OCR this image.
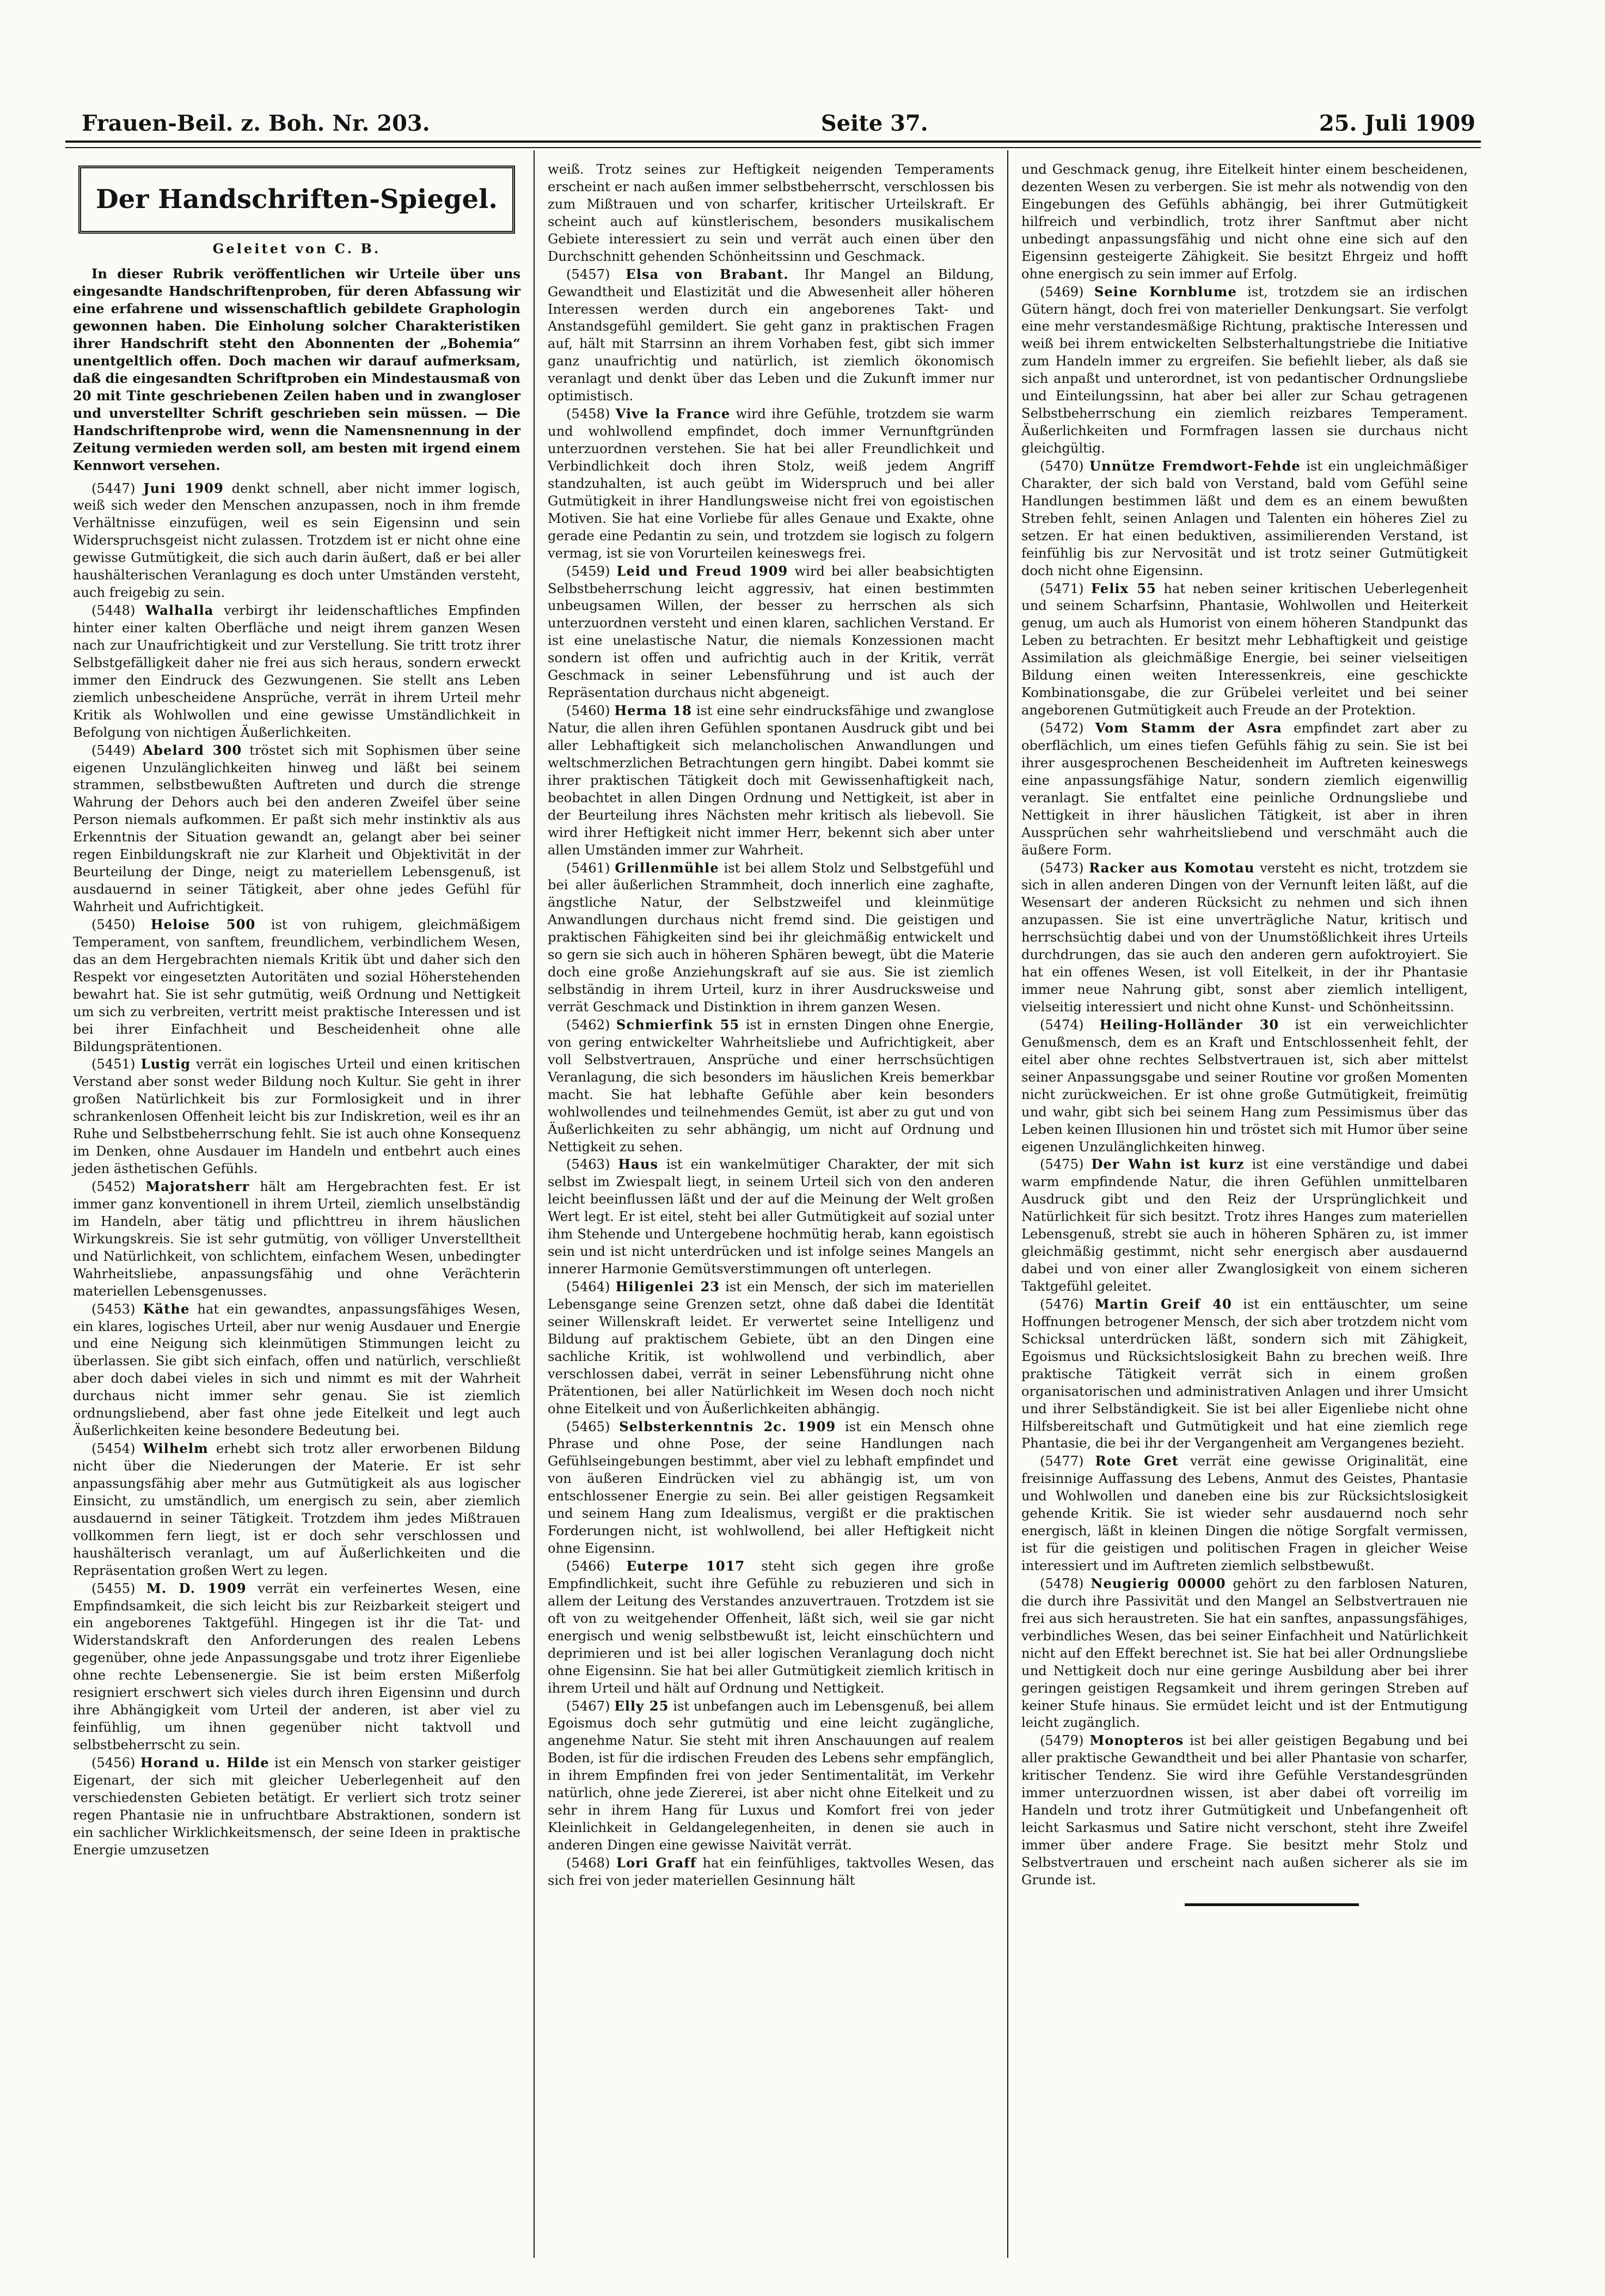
Frauen-Beil. z. Boh. Nr. 203.	Seite 37.	25. Juli 1909
Der Handschriften-Spiegel.
Geleitet von C. B.

In dieser Rubrik veröffentlichen wir Urteile über uns eingesandte Handschriftenproben, für deren Abfassung wir eine erfahrene und wissenschaftlich gebildete Graphologin gewonnen haben. Die Einholung solcher Charakteristiken ihrer Handschrift steht den Abonnenten der „Bohemia“ unentgeltlich offen. Doch machen wir darauf aufmerksam, daß die eingesandten Schriftproben ein Mindestausmaß von 20 mit Tinte geschriebenen Zeilen haben und in zwangloser und unverstellter Schrift geschrieben sein müssen. — Die Handschriftenprobe wird, wenn die Namensnennung in der Zeitung vermieden werden soll, am besten mit irgend einem Kennwort versehen.

(5447) Juni 1909 denkt schnell, aber nicht immer logisch, weiß sich weder den Menschen anzupassen, noch in ihm fremde Verhältnisse einzufügen, weil es sein Eigensinn und sein Widerspruchsgeist nicht zulassen. Trotzdem ist er nicht ohne eine gewisse Gutmütigkeit, die sich auch darin äußert, daß er bei aller haushälterischen Veranlagung es doch unter Umständen versteht, auch freigebig zu sein.

(5448) Walhalla verbirgt ihr leidenschaftliches Empfinden hinter einer kalten Oberfläche und neigt ihrem ganzen Wesen nach zur Unaufrichtigkeit und zur Verstellung. Sie tritt trotz ihrer Selbstgefälligkeit daher nie frei aus sich heraus, sondern erweckt immer den Eindruck des Gezwungenen. Sie stellt ans Leben ziemlich unbescheidene Ansprüche, verrät in ihrem Urteil mehr Kritik als Wohlwollen und eine gewisse Umständlichkeit in Befolgung von nichtigen Äußerlichkeiten.

(5449) Abelard 300 tröstet sich mit Sophismen über seine eigenen Unzulänglichkeiten hinweg und läßt bei seinem strammen, selbstbewußten Auftreten und durch die strenge Wahrung der Dehors auch bei den anderen Zweifel über seine Person niemals aufkommen. Er paßt sich mehr instinktiv als aus Erkenntnis der Situation gewandt an, gelangt aber bei seiner regen Einbildungskraft nie zur Klarheit und Objektivität in der Beurteilung der Dinge, neigt zu materiellem Lebensgenuß, ist ausdauernd in seiner Tätigkeit, aber ohne jedes Gefühl für Wahrheit und Aufrichtigkeit.

(5450) Heloise 500 ist von ruhigem, gleichmäßigem Temperament, von sanftem, freundlichem, verbindlichem Wesen, das an dem Hergebrachten niemals Kritik übt und daher sich den Respekt vor eingesetzten Autoritäten und sozial Höherstehenden bewahrt hat. Sie ist sehr gutmütig, weiß Ordnung und Nettigkeit um sich zu verbreiten, vertritt meist praktische Interessen und ist bei ihrer Einfachheit und Bescheidenheit ohne alle Bildungsprätentionen.

(5451) Lustig verrät ein logisches Urteil und einen kritischen Verstand aber sonst weder Bildung noch Kultur. Sie geht in ihrer großen Natürlichkeit bis zur Formlosigkeit und in ihrer schrankenlosen Offenheit leicht bis zur Indiskretion, weil es ihr an Ruhe und Selbstbeherrschung fehlt. Sie ist auch ohne Konsequenz im Denken, ohne Ausdauer im Handeln und entbehrt auch eines jeden ästhetischen Gefühls.

(5452) Majoratsherr hält am Hergebrachten fest. Er ist immer ganz konventionell in ihrem Urteil, ziemlich unselbständig im Handeln, aber tätig und pflichttreu in ihrem häuslichen Wirkungskreis. Sie ist sehr gutmütig, von völliger Unverstelltheit und Natürlichkeit, von schlichtem, einfachem Wesen, unbedingter Wahrheitsliebe, anpassungsfähig und ohne Verächterin materiellen Lebensgenusses.

(5453) Käthe hat ein gewandtes, anpassungsfähiges Wesen, ein klares, logisches Urteil, aber nur wenig Ausdauer und Energie und eine Neigung sich kleinmütigen Stimmungen leicht zu überlassen. Sie gibt sich einfach, offen und natürlich, verschließt aber doch dabei vieles in sich und nimmt es mit der Wahrheit durchaus nicht immer sehr genau. Sie ist ziemlich ordnungsliebend, aber fast ohne jede Eitelkeit und legt auch Äußerlichkeiten keine besondere Bedeutung bei.

(5454) Wilhelm erhebt sich trotz aller erworbenen Bildung nicht über die Niederungen der Materie. Er ist sehr anpassungsfähig aber mehr aus Gutmütigkeit als aus logischer Einsicht, zu umständlich, um energisch zu sein, aber ziemlich ausdauernd in seiner Tätigkeit. Trotzdem ihm jedes Mißtrauen vollkommen fern liegt, ist er doch sehr verschlossen und haushälterisch veranlagt, um auf Äußerlichkeiten und die Repräsentation großen Wert zu legen.

(5455) M. D. 1909 verrät ein verfeinertes Wesen, eine Empfindsamkeit, die sich leicht bis zur Reizbarkeit steigert und ein angeborenes Taktgefühl. Hingegen ist ihr die Tat- und Widerstandskraft den Anforderungen des realen Lebens gegenüber, ohne jede Anpassungsgabe und trotz ihrer Eigenliebe ohne rechte Lebensenergie. Sie ist beim ersten Mißerfolg resigniert erschwert sich vieles durch ihren Eigensinn und durch ihre Abhängigkeit vom Urteil der anderen, ist aber viel zu feinfühlig, um ihnen gegenüber nicht taktvoll und selbstbeherrscht zu sein.

(5456) Horand u. Hilde ist ein Mensch von starker geistiger Eigenart, der sich mit gleicher Ueberlegenheit auf den verschiedensten Gebieten betätigt. Er verliert sich trotz seiner regen Phantasie nie in unfruchtbare Abstraktionen, sondern ist ein sachlicher Wirklichkeitsmensch, der seine Ideen in praktische Energie umzusetzen

weiß. Trotz seines zur Heftigkeit neigenden Temperaments erscheint er nach außen immer selbstbeherrscht, verschlossen bis zum Mißtrauen und von scharfer, kritischer Urteilskraft. Er scheint auch auf künstlerischem, besonders musikalischem Gebiete interessiert zu sein und verrät auch einen über den Durchschnitt gehenden Schönheitssinn und Geschmack.

(5457) Elsa von Brabant. Ihr Mangel an Bildung, Gewandtheit und Elastizität und die Abwesenheit aller höheren Interessen werden durch ein angeborenes Takt- und Anstandsgefühl gemildert. Sie geht ganz in praktischen Fragen auf, hält mit Starrsinn an ihrem Vorhaben fest, gibt sich immer ganz unaufrichtig und natürlich, ist ziemlich ökonomisch veranlagt und denkt über das Leben und die Zukunft immer nur optimistisch.

(5458) Vive la France wird ihre Gefühle, trotzdem sie warm und wohlwollend empfindet, doch immer Vernunftgründen unterzuordnen verstehen. Sie hat bei aller Freundlichkeit und Verbindlichkeit doch ihren Stolz, weiß jedem Angriff standzuhalten, ist auch geübt im Widerspruch und bei aller Gutmütigkeit in ihrer Handlungsweise nicht frei von egoistischen Motiven. Sie hat eine Vorliebe für alles Genaue und Exakte, ohne gerade eine Pedantin zu sein, und trotzdem sie logisch zu folgern vermag, ist sie von Vorurteilen keineswegs frei.

(5459) Leid und Freud 1909 wird bei aller beabsichtigten Selbstbeherrschung leicht aggressiv, hat einen bestimmten unbeugsamen Willen, der besser zu herrschen als sich unterzuordnen versteht und einen klaren, sachlichen Verstand. Er ist eine unelastische Natur, die niemals Konzessionen macht sondern ist offen und aufrichtig auch in der Kritik, verrät Geschmack in seiner Lebensführung und ist auch der Repräsentation durchaus nicht abgeneigt.

(5460) Herma 18 ist eine sehr eindrucksfähige und zwanglose Natur, die allen ihren Gefühlen spontanen Ausdruck gibt und bei aller Lebhaftigkeit sich melancholischen Anwandlungen und weltschmerzlichen Betrachtungen gern hingibt. Dabei kommt sie ihrer praktischen Tätigkeit doch mit Gewissenhaftigkeit nach, beobachtet in allen Dingen Ordnung und Nettigkeit, ist aber in der Beurteilung ihres Nächsten mehr kritisch als liebevoll. Sie wird ihrer Heftigkeit nicht immer Herr, bekennt sich aber unter allen Umständen immer zur Wahrheit.

(5461) Grillenmühle ist bei allem Stolz und Selbstgefühl und bei aller äußerlichen Strammheit, doch innerlich eine zaghafte, ängstliche Natur, der Selbstzweifel und kleinmütige Anwandlungen durchaus nicht fremd sind. Die geistigen und praktischen Fähigkeiten sind bei ihr gleichmäßig entwickelt und so gern sie sich auch in höheren Sphären bewegt, übt die Materie doch eine große Anziehungskraft auf sie aus. Sie ist ziemlich selbständig in ihrem Urteil, kurz in ihrer Ausdrucksweise und verrät Geschmack und Distinktion in ihrem ganzen Wesen.

(5462) Schmierfink 55 ist in ernsten Dingen ohne Energie, von gering entwickelter Wahrheitsliebe und Aufrichtigkeit, aber voll Selbstvertrauen, Ansprüche und einer herrschsüchtigen Veranlagung, die sich besonders im häuslichen Kreis bemerkbar macht. Sie hat lebhafte Gefühle aber kein besonders wohlwollendes und teilnehmendes Gemüt, ist aber zu gut und von Äußerlichkeiten zu sehr abhängig, um nicht auf Ordnung und Nettigkeit zu sehen.

(5463) Haus ist ein wankelmütiger Charakter, der mit sich selbst im Zwiespalt liegt, in seinem Urteil sich von den anderen leicht beeinflussen läßt und der auf die Meinung der Welt großen Wert legt. Er ist eitel, steht bei aller Gutmütigkeit auf sozial unter ihm Stehende und Untergebene hochmütig herab, kann egoistisch sein und ist nicht unterdrücken und ist infolge seines Mangels an innerer Harmonie Gemütsverstimmungen oft unterlegen.

(5464) Hiligenlei 23 ist ein Mensch, der sich im materiellen Lebensgange seine Grenzen setzt, ohne daß dabei die Identität seiner Willenskraft leidet. Er verwertet seine Intelligenz und Bildung auf praktischem Gebiete, übt an den Dingen eine sachliche Kritik, ist wohlwollend und verbindlich, aber verschlossen dabei, verrät in seiner Lebensführung nicht ohne Prätentionen, bei aller Natürlichkeit im Wesen doch noch nicht ohne Eitelkeit und von Äußerlichkeiten abhängig.

(5465) Selbsterkenntnis 2c. 1909 ist ein Mensch ohne Phrase und ohne Pose, der seine Handlungen nach Gefühlseingebungen bestimmt, aber viel zu lebhaft empfindet und von äußeren Eindrücken viel zu abhängig ist, um von entschlossener Energie zu sein. Bei aller geistigen Regsamkeit und seinem Hang zum Idealismus, vergißt er die praktischen Forderungen nicht, ist wohlwollend, bei aller Heftigkeit nicht ohne Eigensinn.

(5466) Euterpe 1017 steht sich gegen ihre große Empfindlichkeit, sucht ihre Gefühle zu rebuzieren und sich in allem der Leitung des Verstandes anzuvertrauen. Trotzdem ist sie oft von zu weitgehender Offenheit, läßt sich, weil sie gar nicht energisch und wenig selbstbewußt ist, leicht einschüchtern und deprimieren und ist bei aller logischen Veranlagung doch nicht ohne Eigensinn. Sie hat bei aller Gutmütigkeit ziemlich kritisch in ihrem Urteil und hält auf Ordnung und Nettigkeit.

(5467) Elly 25 ist unbefangen auch im Lebensgenuß, bei allem Egoismus doch sehr gutmütig und eine leicht zugängliche, angenehme Natur. Sie steht mit ihren Anschauungen auf realem Boden, ist für die irdischen Freuden des Lebens sehr empfänglich, in ihrem Empfinden frei von jeder Sentimentalität, im Verkehr natürlich, ohne jede Ziererei, ist aber nicht ohne Eitelkeit und zu sehr in ihrem Hang für Luxus und Komfort frei von jeder Kleinlichkeit in Geldangelegenheiten, in denen sie auch in anderen Dingen eine gewisse Naivität verrät.

(5468) Lori Graff hat ein feinfühliges, taktvolles Wesen, das sich frei von jeder materiellen Gesinnung hält

und Geschmack genug, ihre Eitelkeit hinter einem bescheidenen, dezenten Wesen zu verbergen. Sie ist mehr als notwendig von den Eingebungen des Gefühls abhängig, bei ihrer Gutmütigkeit hilfreich und verbindlich, trotz ihrer Sanftmut aber nicht unbedingt anpassungsfähig und nicht ohne eine sich auf den Eigensinn gesteigerte Zähigkeit. Sie besitzt Ehrgeiz und hofft ohne energisch zu sein immer auf Erfolg.

(5469) Seine Kornblume ist, trotzdem sie an irdischen Gütern hängt, doch frei von materieller Denkungsart. Sie verfolgt eine mehr verstandesmäßige Richtung, praktische Interessen und weiß bei ihrem entwickelten Selbsterhaltungstriebe die Initiative zum Handeln immer zu ergreifen. Sie befiehlt lieber, als daß sie sich anpaßt und unterordnet, ist von pedantischer Ordnungsliebe und Einteilungssinn, hat aber bei aller zur Schau getragenen Selbstbeherrschung ein ziemlich reizbares Temperament. Äußerlichkeiten und Formfragen lassen sie durchaus nicht gleichgültig.

(5470) Unnütze Fremdwort-Fehde ist ein ungleichmäßiger Charakter, der sich bald von Verstand, bald vom Gefühl seine Handlungen bestimmen läßt und dem es an einem bewußten Streben fehlt, seinen Anlagen und Talenten ein höheres Ziel zu setzen. Er hat einen beduktiven, assimilierenden Verstand, ist feinfühlig bis zur Nervosität und ist trotz seiner Gutmütigkeit doch nicht ohne Eigensinn.

(5471) Felix 55 hat neben seiner kritischen Ueberlegenheit und seinem Scharfsinn, Phantasie, Wohlwollen und Heiterkeit genug, um auch als Humorist von einem höheren Standpunkt das Leben zu betrachten. Er besitzt mehr Lebhaftigkeit und geistige Assimilation als gleichmäßige Energie, bei seiner vielseitigen Bildung einen weiten Interessenkreis, eine geschickte Kombinationsgabe, die zur Grübelei verleitet und bei seiner angeborenen Gutmütigkeit auch Freude an der Protektion.

(5472) Vom Stamm der Asra empfindet zart aber zu oberflächlich, um eines tiefen Gefühls fähig zu sein. Sie ist bei ihrer ausgesprochenen Bescheidenheit im Auftreten keineswegs eine anpassungsfähige Natur, sondern ziemlich eigenwillig veranlagt. Sie entfaltet eine peinliche Ordnungsliebe und Nettigkeit in ihrer häuslichen Tätigkeit, ist aber in ihren Aussprüchen sehr wahrheitsliebend und verschmäht auch die äußere Form.

(5473) Racker aus Komotau versteht es nicht, trotzdem sie sich in allen anderen Dingen von der Vernunft leiten läßt, auf die Wesensart der anderen Rücksicht zu nehmen und sich ihnen anzupassen. Sie ist eine unverträgliche Natur, kritisch und herrschsüchtig dabei und von der Unumstößlichkeit ihres Urteils durchdrungen, das sie auch den anderen gern aufoktroyiert. Sie hat ein offenes Wesen, ist voll Eitelkeit, in der ihr Phantasie immer neue Nahrung gibt, sonst aber ziemlich intelligent, vielseitig interessiert und nicht ohne Kunst- und Schönheitssinn.

(5474) Heiling-Holländer 30 ist ein verweichlichter Genußmensch, dem es an Kraft und Entschlossenheit fehlt, der eitel aber ohne rechtes Selbstvertrauen ist, sich aber mittelst seiner Anpassungsgabe und seiner Routine vor großen Momenten nicht zurückweichen. Er ist ohne große Gutmütigkeit, freimütig und wahr, gibt sich bei seinem Hang zum Pessimismus über das Leben keinen Illusionen hin und tröstet sich mit Humor über seine eigenen Unzulänglichkeiten hinweg.

(5475) Der Wahn ist kurz ist eine verständige und dabei warm empfindende Natur, die ihren Gefühlen unmittelbaren Ausdruck gibt und den Reiz der Ursprünglichkeit und Natürlichkeit für sich besitzt. Trotz ihres Hanges zum materiellen Lebensgenuß, strebt sie auch in höheren Sphären zu, ist immer gleichmäßig gestimmt, nicht sehr energisch aber ausdauernd dabei und von einer aller Zwanglosigkeit von einem sicheren Taktgefühl geleitet.

(5476) Martin Greif 40 ist ein enttäuschter, um seine Hoffnungen betrogener Mensch, der sich aber trotzdem nicht vom Schicksal unterdrücken läßt, sondern sich mit Zähigkeit, Egoismus und Rücksichtslosigkeit Bahn zu brechen weiß. Ihre praktische Tätigkeit verrät sich in einem großen organisatorischen und administrativen Anlagen und ihrer Umsicht und ihrer Selbständigkeit. Sie ist bei aller Eigenliebe nicht ohne Hilfsbereitschaft und Gutmütigkeit und hat eine ziemlich rege Phantasie, die bei ihr der Vergangenheit am Vergangenes bezieht.

(5477) Rote Gret verrät eine gewisse Originalität, eine freisinnige Auffassung des Lebens, Anmut des Geistes, Phantasie und Wohlwollen und daneben eine bis zur Rücksichtslosigkeit gehende Kritik. Sie ist wieder sehr ausdauernd noch sehr energisch, läßt in kleinen Dingen die nötige Sorgfalt vermissen, ist für die geistigen und politischen Fragen in gleicher Weise interessiert und im Auftreten ziemlich selbstbewußt.

(5478) Neugierig 00000 gehört zu den farblosen Naturen, die durch ihre Passivität und den Mangel an Selbstvertrauen nie frei aus sich heraustreten. Sie hat ein sanftes, anpassungsfähiges, verbindliches Wesen, das bei seiner Einfachheit und Natürlichkeit nicht auf den Effekt berechnet ist. Sie hat bei aller Ordnungsliebe und Nettigkeit doch nur eine geringe Ausbildung aber bei ihrer geringen geistigen Regsamkeit und ihrem geringen Streben auf keiner Stufe hinaus. Sie ermüdet leicht und ist der Entmutigung leicht zugänglich.

(5479) Monopteros ist bei aller geistigen Begabung und bei aller praktische Gewandtheit und bei aller Phantasie von scharfer, kritischer Tendenz. Sie wird ihre Gefühle Verstandesgründen immer unterzuordnen wissen, ist aber dabei oft vorreilig im Handeln und trotz ihrer Gutmütigkeit und Unbefangenheit oft leicht Sarkasmus und Satire nicht verschont, steht ihre Zweifel immer über andere Frage. Sie besitzt mehr Stolz und Selbstvertrauen und erscheint nach außen sicherer als sie im Grunde ist.
